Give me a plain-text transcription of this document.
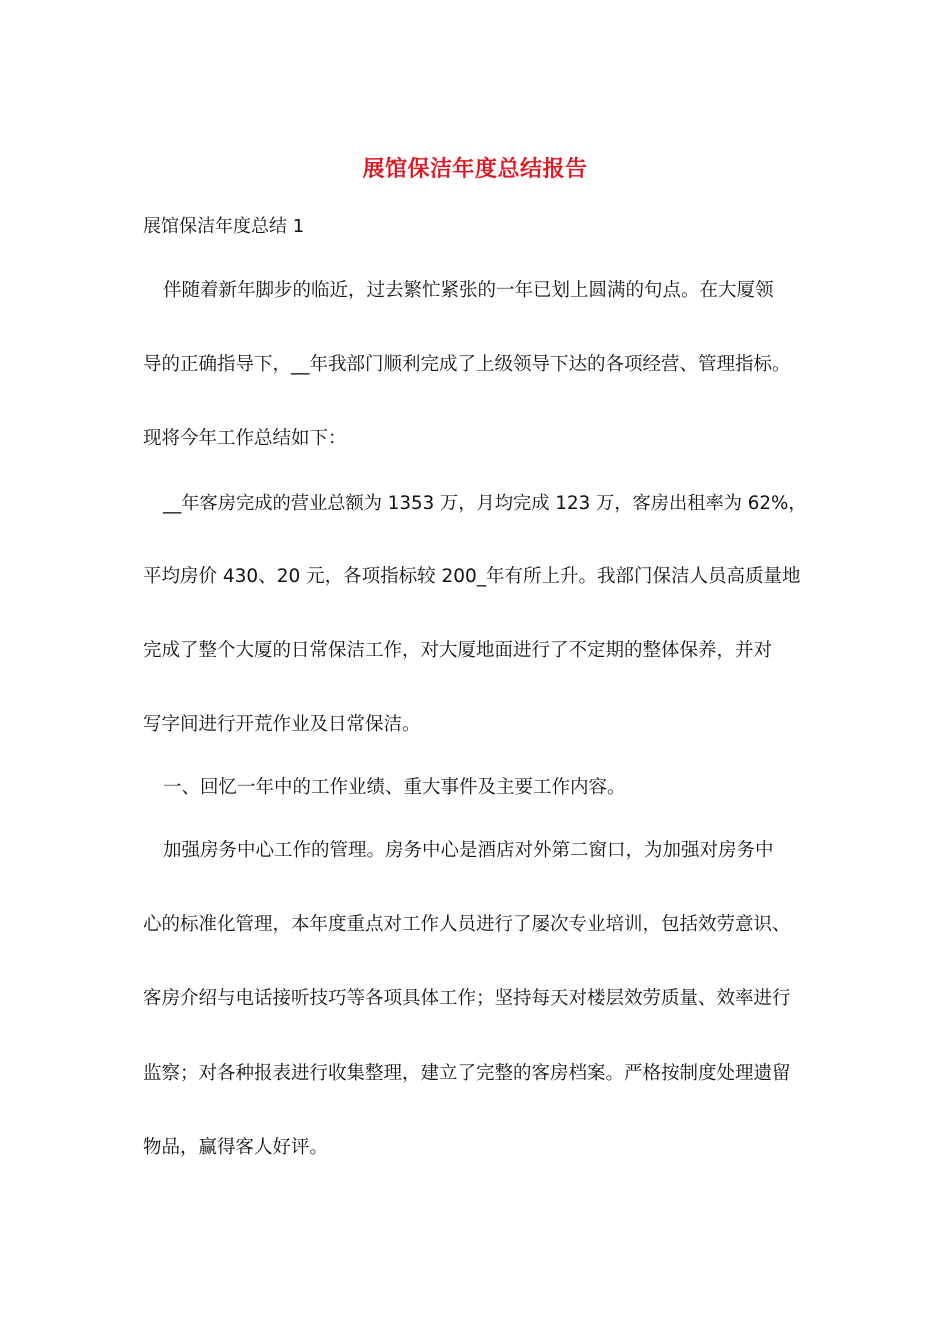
展馆保洁年度总结报告
展馆保洁年度总结 1
伴随着新年脚步的临近，过去繁忙紧张的一年已划上圆满的句点。在大厦领
导的正确指导下，__年我部门顺利完成了上级领导下达的各项经营、管理指标。
现将今年工作总结如下：
__年客房完成的营业总额为 1353 万，月均完成 123 万，客房出租率为 62%，
平均房价 430、20 元，各项指标较 200_年有所上升。我部门保洁人员高质量地
完成了整个大厦的日常保洁工作，对大厦地面进行了不定期的整体保养，并对
写字间进行开荒作业及日常保洁。
一、回忆一年中的工作业绩、重大事件及主要工作内容。
加强房务中心工作的管理。房务中心是酒店对外第二窗口，为加强对房务中
心的标准化管理，本年度重点对工作人员进行了屡次专业培训，包括效劳意识、
客房介绍与电话接听技巧等各项具体工作；坚持每天对楼层效劳质量、效率进行
监察；对各种报表进行收集整理，建立了完整的客房档案。严格按制度处理遗留
物品，赢得客人好评。
